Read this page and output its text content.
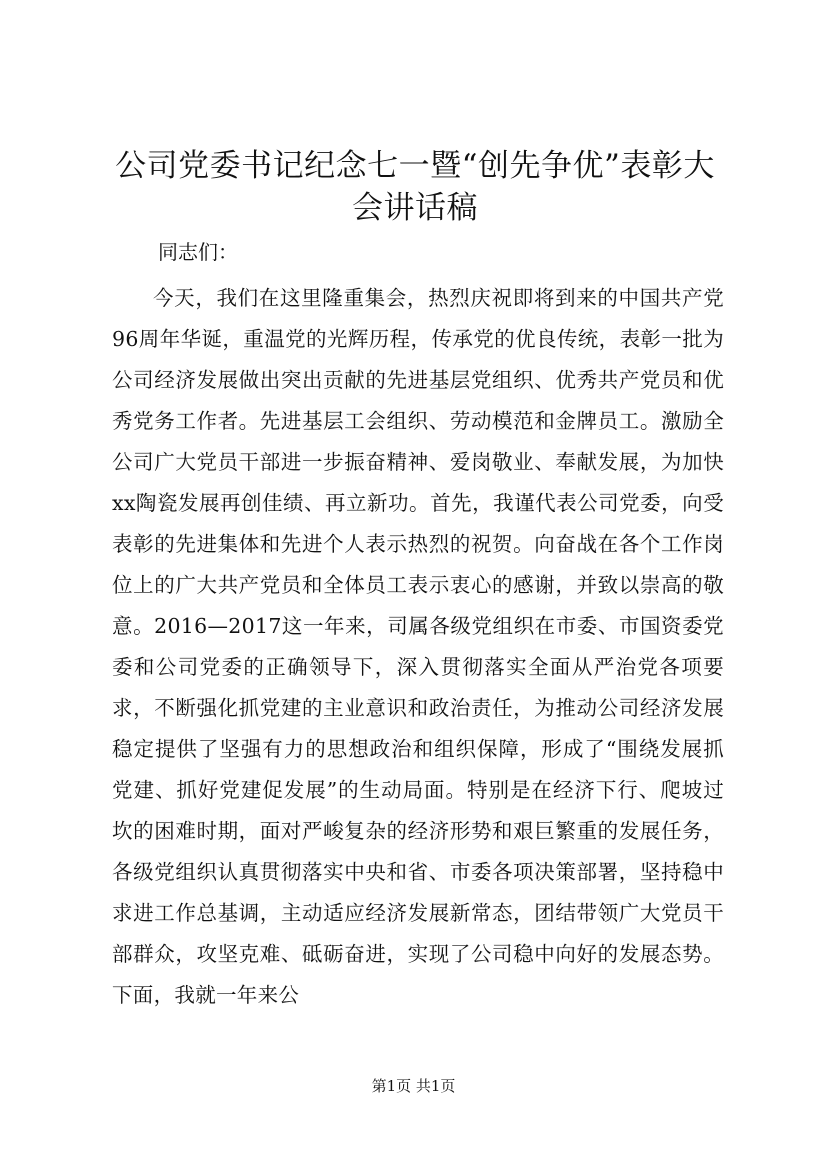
公司党委书记纪念七一暨“创先争优”表彰大会讲话稿

同志们：

今天，我们在这里隆重集会，热烈庆祝即将到来的中国共产党96周年华诞，重温党的光辉历程，传承党的优良传统，表彰一批为公司经济发展做出突出贡献的先进基层党组织、优秀共产党员和优秀党务工作者。先进基层工会组织、劳动模范和金牌员工。激励全公司广大党员干部进一步振奋精神、爱岗敬业、奉献发展，为加快xx陶瓷发展再创佳绩、再立新功。首先，我谨代表公司党委，向受表彰的先进集体和先进个人表示热烈的祝贺。向奋战在各个工作岗位上的广大共产党员和全体员工表示衷心的感谢，并致以崇高的敬意。2016—2017这一年来，司属各级党组织在市委、市国资委党委和公司党委的正确领导下，深入贯彻落实全面从严治党各项要求，不断强化抓党建的主业意识和政治责任，为推动公司经济发展稳定提供了坚强有力的思想政治和组织保障，形成了“围绕发展抓党建、抓好党建促发展”的生动局面。特别是在经济下行、爬坡过坎的困难时期，面对严峻复杂的经济形势和艰巨繁重的发展任务，各级党组织认真贯彻落实中央和省、市委各项决策部署，坚持稳中求进工作总基调，主动适应经济发展新常态，团结带领广大党员干部群众，攻坚克难、砥砺奋进，实现了公司稳中向好的发展态势。下面，我就一年来公

第1页 共1页
